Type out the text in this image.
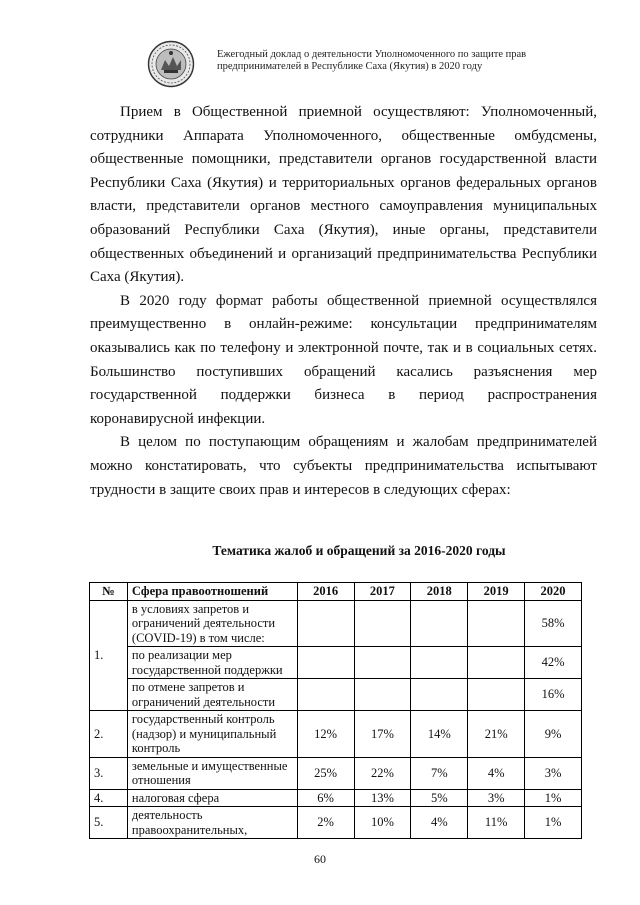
Ежегодный доклад о деятельности Уполномоченного по защите прав
предпринимателей в Республике Саха (Якутия) в 2020 году

Прием в Общественной приемной осуществляют: Уполномоченный, сотрудники Аппарата Уполномоченного, общественные омбудсмены, общественные помощники, представители органов государственной власти Республики Саха (Якутия) и территориальных органов федеральных органов власти, представители органов местного самоуправления муниципальных образований Республики Саха (Якутия), иные органы, представители общественных объединений и организаций предпринимательства Республики Саха (Якутия).

В 2020 году формат работы общественной приемной осуществлялся преимущественно в онлайн-режиме: консультации предпринимателям оказывались как по телефону и электронной почте, так и в социальных сетях. Большинство поступивших обращений касались разъяснения мер государственной поддержки бизнеса в период распространения коронавирусной инфекции.

В целом по поступающим обращениям и жалобам предпринимателей можно констатировать, что субъекты предпринимательства испытывают трудности в защите своих прав и интересов в следующих сферах:

Тематика жалоб и обращений за 2016-2020 годы
№	Сфера правоотношений	2016	2017	2018	2019	2020
1.	в условиях запретов и ограничений деятельности (COVID-19) в том числе:					58%
	по реализации мер государственной поддержки					42%
	по отмене запретов и ограничений деятельности					16%
2.	государственный контроль (надзор) и муниципальный контроль	12%	17%	14%	21%	9%
3.	земельные и имущественные отношения	25%	22%	7%	4%	3%
4.	налоговая сфера	6%	13%	5%	3%	1%
5.	деятельность правоохранительных,	2%	10%	4%	11%	1%
60
